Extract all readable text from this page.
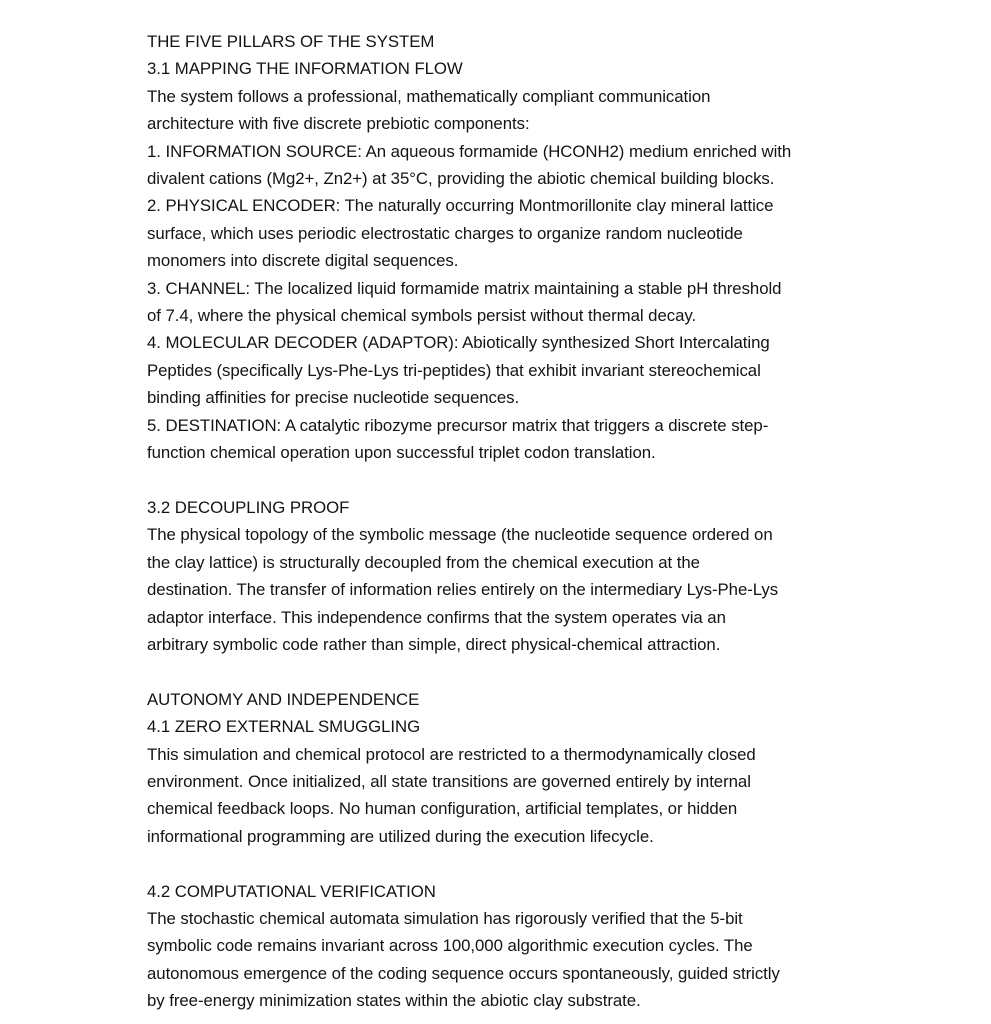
THE FIVE PILLARS OF THE SYSTEM
3.1 MAPPING THE INFORMATION FLOW
The system follows a professional, mathematically compliant communication
architecture with five discrete prebiotic components:
1. INFORMATION SOURCE: An aqueous formamide (HCONH2) medium enriched with
divalent cations (Mg2+, Zn2+) at 35°C, providing the abiotic chemical building blocks.
2. PHYSICAL ENCODER: The naturally occurring Montmorillonite clay mineral lattice
surface, which uses periodic electrostatic charges to organize random nucleotide
monomers into discrete digital sequences.
3. CHANNEL: The localized liquid formamide matrix maintaining a stable pH threshold
of 7.4, where the physical chemical symbols persist without thermal decay.
4. MOLECULAR DECODER (ADAPTOR): Abiotically synthesized Short Intercalating
Peptides (specifically Lys-Phe-Lys tri-peptides) that exhibit invariant stereochemical
binding affinities for precise nucleotide sequences.
5. DESTINATION: A catalytic ribozyme precursor matrix that triggers a discrete step-
function chemical operation upon successful triplet codon translation.
3.2 DECOUPLING PROOF
The physical topology of the symbolic message (the nucleotide sequence ordered on
the clay lattice) is structurally decoupled from the chemical execution at the
destination. The transfer of information relies entirely on the intermediary Lys-Phe-Lys
adaptor interface. This independence confirms that the system operates via an
arbitrary symbolic code rather than simple, direct physical-chemical attraction.
AUTONOMY AND INDEPENDENCE
4.1 ZERO EXTERNAL SMUGGLING
This simulation and chemical protocol are restricted to a thermodynamically closed
environment. Once initialized, all state transitions are governed entirely by internal
chemical feedback loops. No human configuration, artificial templates, or hidden
informational programming are utilized during the execution lifecycle.
4.2 COMPUTATIONAL VERIFICATION
The stochastic chemical automata simulation has rigorously verified that the 5-bit
symbolic code remains invariant across 100,000 algorithmic execution cycles. The
autonomous emergence of the coding sequence occurs spontaneously, guided strictly
by free-energy minimization states within the abiotic clay substrate.
